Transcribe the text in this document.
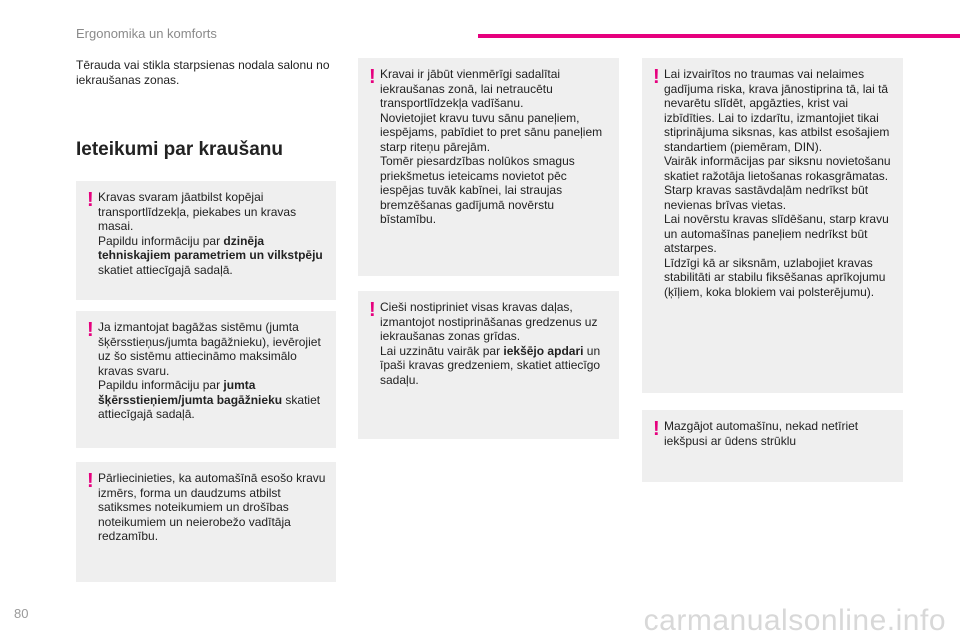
Ergonomika un komforts
Tērauda vai stikla starpsienas nodala salonu no iekraušanas zonas.
Ieteikumi par kraušanu
! Kravas svaram jāatbilst kopējai transportlīdzekļa, piekabes un kravas masai.
Papildu informāciju par dzinēja tehniskajiem parametriem un vilkstpēju skatiet attiecīgajā sadaļā.
! Ja izmantojat bagāžas sistēmu (jumta šķērsstieņus/jumta bagāžnieku), ievērojiet uz šo sistēmu attiecināmo maksimālo kravas svaru.
Papildu informāciju par jumta šķērsstieņiem/jumta bagāžnieku skatiet attiecīgajā sadaļā.
! Pārliecinieties, ka automašīnā esošo kravu izmērs, forma un daudzums atbilst satiksmes noteikumiem un drošības noteikumiem un neierobežo vadītāja redzamību.
! Kravai ir jābūt vienmērīgi sadalītai iekraušanas zonā, lai netraucētu transportlīdzekļa vadīšanu.
Novietojiet kravu tuvu sānu paneļiem, iespējams, pabīdiet to pret sānu paneļiem starp riteņu pārejām.
Tomēr piesardzības nolūkos smagus priekšmetus ieteicams novietot pēc iespējas tuvāk kabīnei, lai straujas bremzēšanas gadījumā novērstu bīstamību.
! Cieši nostipriniet visas kravas daļas, izmantojot nostiprināšanas gredzenus uz iekraušanas zonas grīdas.
Lai uzzinātu vairāk par iekšējo apdari un īpaši kravas gredzeniem, skatiet attiecīgo sadaļu.
! Lai izvairītos no traumas vai nelaimes gadījuma riska, krava jānostiprina tā, lai tā nevarētu slīdēt, apgāzties, krist vai izbīdīties. Lai to izdarītu, izmantojiet tikai stiprinājuma siksnas, kas atbilst esošajiem standartiem (piemēram, DIN).
Vairāk informācijas par siksnu novietošanu skatiet ražotāja lietošanas rokasgrāmatas.
Starp kravas sastāvdaļām nedrīkst būt nevienas brīvas vietas.
Lai novērstu kravas slīdēšanu, starp kravu un automašīnas paneļiem nedrīkst būt atstarpes.
Līdzīgi kā ar siksnām, uzlabojiet kravas stabilitāti ar stabilu fiksēšanas aprīkojumu (ķīļiem, koka blokiem vai polsterējumu).
! Mazgājot automašīnu, nekad netīriet iekšpusi ar ūdens strūklu
80	carmanualsonline.info
